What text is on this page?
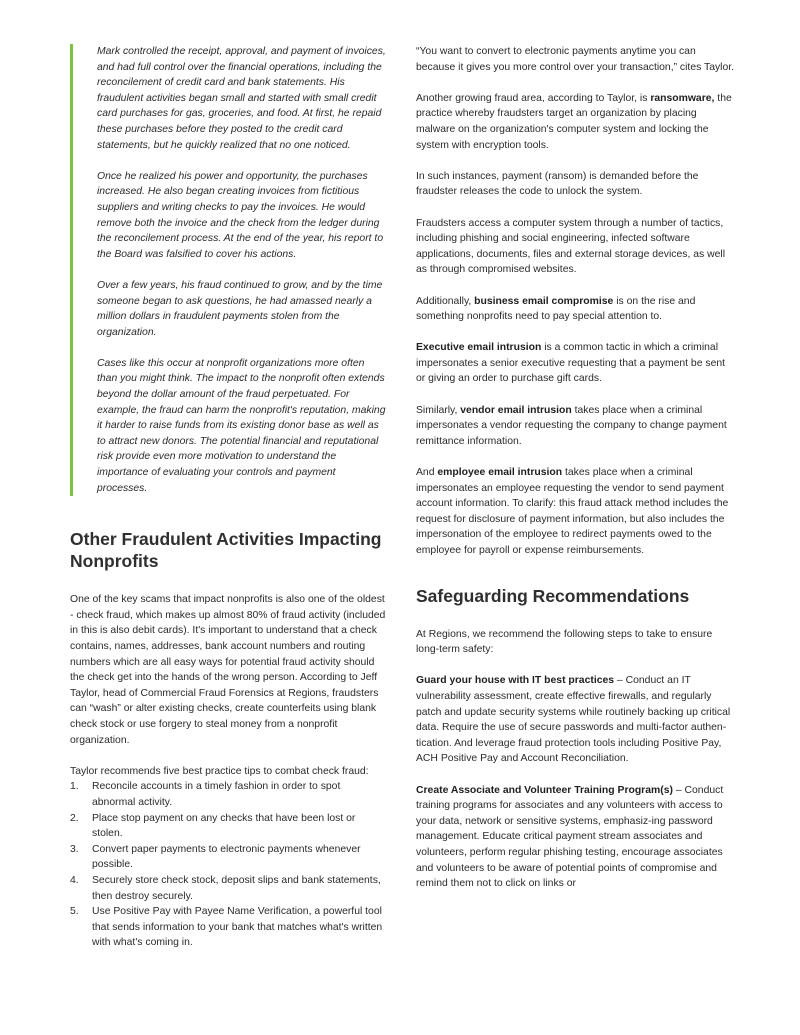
Mark controlled the receipt, approval, and payment of invoices, and had full control over the financial operations, including the reconcilement of credit card and bank statements. His fraudulent activities began small and started with small credit card purchases for gas, groceries, and food. At first, he repaid these purchases before they posted to the credit card statements, but he quickly realized that no one noticed.

Once he realized his power and opportunity, the purchases increased. He also began creating invoices from fictitious suppliers and writing checks to pay the invoices. He would remove both the invoice and the check from the ledger during the reconcilement process. At the end of the year, his report to the Board was falsified to cover his actions.

Over a few years, his fraud continued to grow, and by the time someone began to ask questions, he had amassed nearly a million dollars in fraudulent payments stolen from the organization.

Cases like this occur at nonprofit organizations more often than you might think. The impact to the nonprofit often extends beyond the dollar amount of the fraud perpetuated. For example, the fraud can harm the nonprofit's reputation, making it harder to raise funds from its existing donor base as well as to attract new donors. The potential financial and reputational risk provide even more motivation to understand the importance of evaluating your controls and payment processes.

Other Fraudulent Activities Impacting Nonprofits

One of the key scams that impact nonprofits is also one of the oldest - check fraud, which makes up almost 80% of fraud activity (included in this is also debit cards). It's important to understand that a check contains, names, addresses, bank account numbers and routing numbers which are all easy ways for potential fraud activity should the check get into the hands of the wrong person. According to Jeff Taylor, head of Commercial Fraud Forensics at Regions, fraudsters can “wash” or alter existing checks, create counterfeits using blank check stock or use forgery to steal money from a nonprofit organization.

Taylor recommends five best practice tips to combat check fraud:

1. Reconcile accounts in a timely fashion in order to spot abnormal activity.
2. Place stop payment on any checks that have been lost or stolen.
3. Convert paper payments to electronic payments whenever possible.
4. Securely store check stock, deposit slips and bank statements, then destroy securely.
5. Use Positive Pay with Payee Name Verification, a powerful tool that sends information to your bank that matches what's written with what's coming in.

“You want to convert to electronic payments anytime you can because it gives you more control over your transaction,” cites Taylor.

Another growing fraud area, according to Taylor, is ransomware, the practice whereby fraudsters target an organization by placing malware on the organization's computer system and locking the system with encryption tools.

In such instances, payment (ransom) is demanded before the fraudster releases the code to unlock the system.

Fraudsters access a computer system through a number of tactics, including phishing and social engineering, infected software applications, documents, files and external storage devices, as well as through compromised websites.

Additionally, business email compromise is on the rise and something nonprofits need to pay special attention to.

Executive email intrusion is a common tactic in which a criminal impersonates a senior executive requesting that a payment be sent or giving an order to purchase gift cards.

Similarly, vendor email intrusion takes place when a criminal impersonates a vendor requesting the company to change payment remittance information.

And employee email intrusion takes place when a criminal impersonates an employee requesting the vendor to send payment account information. To clarify: this fraud attack method includes the request for disclosure of payment information, but also includes the impersonation of the employee to redirect payments owed to the employee for payroll or expense reimbursements.

Safeguarding Recommendations

At Regions, we recommend the following steps to take to ensure long-term safety:

Guard your house with IT best practices – Conduct an IT vulnerability assessment, create effective firewalls, and regularly patch and update security systems while routinely backing up critical data. Require the use of secure passwords and multi-factor authen-tication. And leverage fraud protection tools including Positive Pay, ACH Positive Pay and Account Reconciliation.

Create Associate and Volunteer Training Program(s) – Conduct training programs for associates and any volunteers with access to your data, network or sensitive systems, emphasiz-ing password management. Educate critical payment stream associates and volunteers, perform regular phishing testing, encourage associates and volunteers to be aware of potential points of compromise and remind them not to click on links or
